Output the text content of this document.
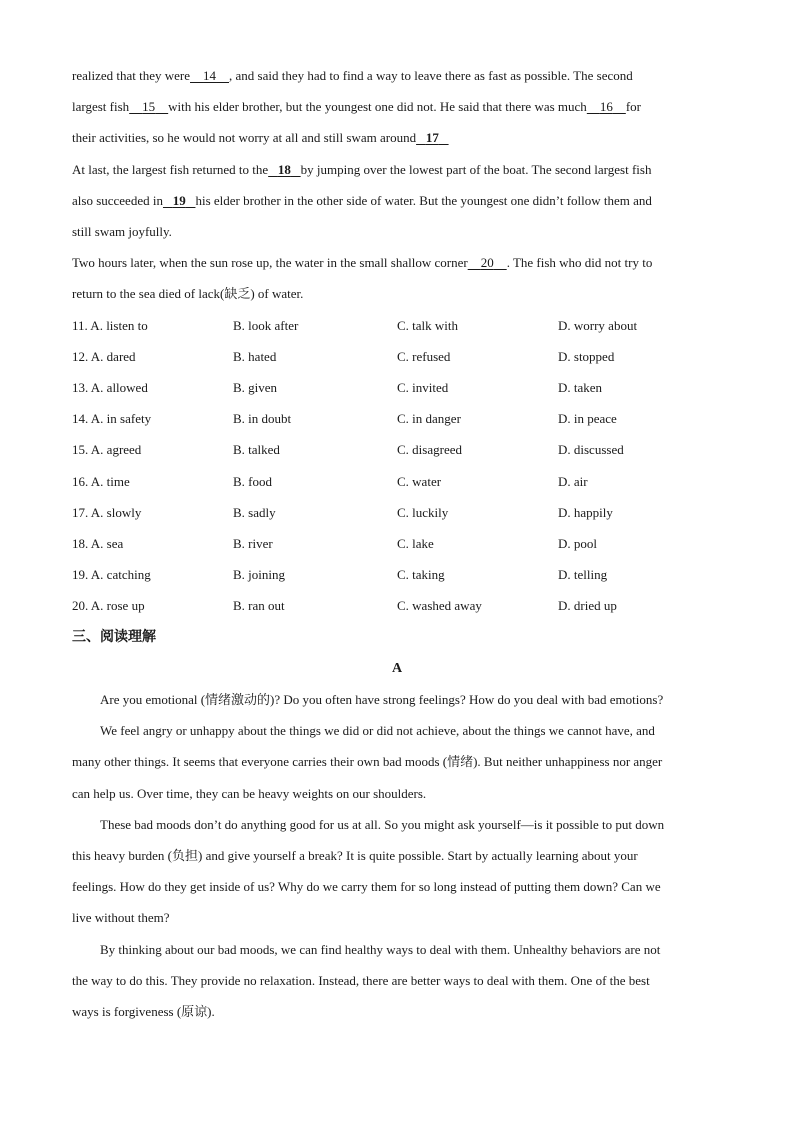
realized that they were 14 , and said they had to find a way to leave there as fast as possible. The second
largest fish 15 with his elder brother, but the youngest one did not. He said that there was much 16 for
their activities, so he would not worry at all and still swam around 17
At last, the largest fish returned to the 18 by jumping over the lowest part of the boat. The second largest fish
also succeeded in 19 his elder brother in the other side of water. But the youngest one didn’t follow them and
still swam joyfully.
Two hours later, when the sun rose up, the water in the small shallow corner 20 . The fish who did not try to
return to the sea died of lack(缺乏) of water.
11. A. listen to	B. look after	C. talk with	D. worry about
12. A. dared	B. hated	C. refused	D. stopped
13. A. allowed	B. given	C. invited	D. taken
14. A. in safety	B. in doubt	C. in danger	D. in peace
15. A. agreed	B. talked	C. disagreed	D. discussed
16. A. time	B. food	C. water	D. air
17. A. slowly	B. sadly	C. luckily	D. happily
18. A. sea	B. river	C. lake	D. pool
19. A. catching	B. joining	C. taking	D. telling
20. A. rose up	B. ran out	C. washed away	D. dried up
三、阅读理解
A
Are you emotional (情绪激动的)? Do you often have strong feelings? How do you deal with bad emotions?
We feel angry or unhappy about the things we did or did not achieve, about the things we cannot have, and
many other things. It seems that everyone carries their own bad moods (情绪). But neither unhappiness nor anger
can help us. Over time, they can be heavy weights on our shoulders.
These bad moods don’t do anything good for us at all. So you might ask yourself—is it possible to put down
this heavy burden (负担) and give yourself a break? It is quite possible. Start by actually learning about your
feelings. How do they get inside of us? Why do we carry them for so long instead of putting them down? Can we
live without them?
By thinking about our bad moods, we can find healthy ways to deal with them. Unhealthy behaviors are not
the way to do this. They provide no relaxation. Instead, there are better ways to deal with them. One of the best
ways is forgiveness (原谅).
